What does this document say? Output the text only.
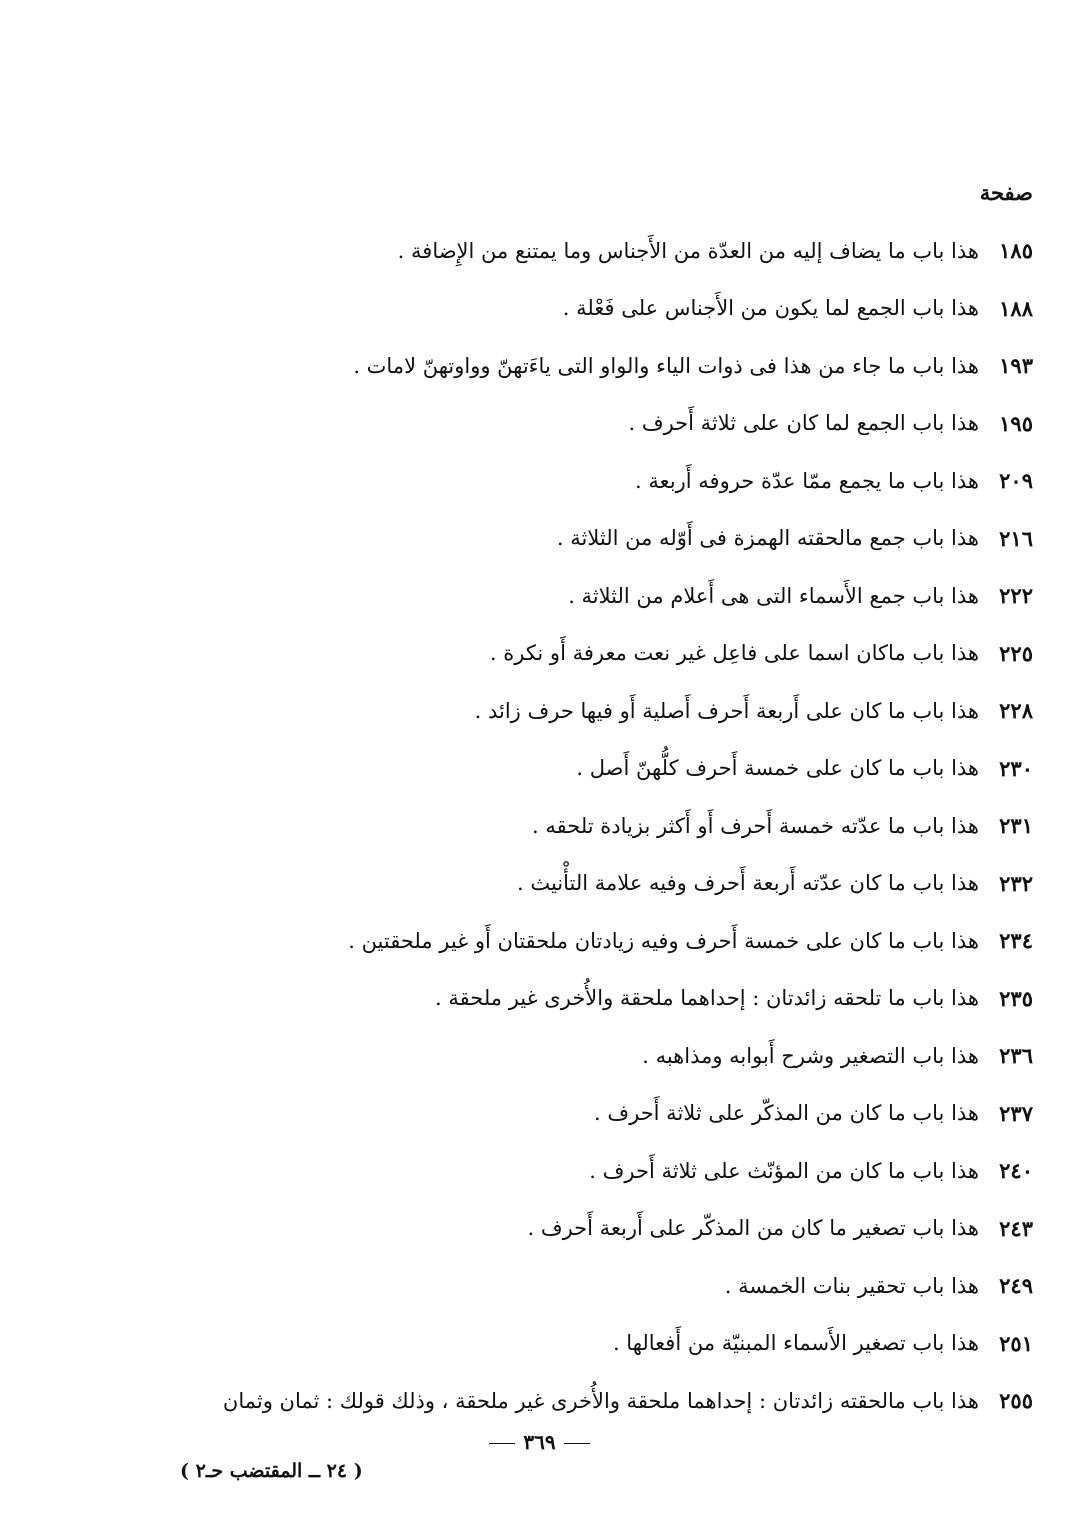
صفحة
١٨٥
هذا باب ما يضاف إليه من العدّة من الأَجناس وما يمتنع من الإِضافة .
١٨٨
هذا باب الجمع لما يكون من الأَجناس على فَعْلة .
١٩٣
هذا باب ما جاء من هذا فى ذوات الياء والواو التى ياءَتهنّ وواوتهنّ لامات .
١٩٥
هذا باب الجمع لما كان على ثلاثة أَحرف .
٢٠٩
هذا باب ما يجمع ممّا عدّة حروفه أَربعة .
٢١٦
هذا باب جمع مالحقته الهمزة فى أَوّله من الثلاثة .
٢٢٢
هذا باب جمع الأَسماء التى هى أَعلام من الثلاثة .
٢٢٥
هذا باب ماكان اسما على فاعِل غير نعت معرفة أَو نكرة .
٢٢٨
هذا باب ما كان على أَربعة أَحرف أَصلية أَو فيها حرف زائد .
٢٣٠
هذا باب ما كان على خمسة أَحرف كلُّهنّ أَصل .
٢٣١
هذا باب ما عدّته خمسة أَحرف أَو أَكثر بزيادة تلحقه .
٢٣٢
هذا باب ما كان عدّته أَربعة أَحرف وفيه علامة التأْنيث .
٢٣٤
هذا باب ما كان على خمسة أَحرف وفيه زيادتان ملحقتان أَو غير ملحقتين .
٢٣٥
هذا باب ما تلحقه زائدتان : إحداهما ملحقة والأُخرى غير ملحقة .
٢٣٦
هذا باب التصغير وشرح أَبوابه ومذاهبه .
٢٣٧
هذا باب ما كان من المذكّر على ثلاثة أَحرف .
٢٤٠
هذا باب ما كان من المؤنّث على ثلاثة أَحرف .
٢٤٣
هذا باب تصغير ما كان من المذكّر على أَربعة أَحرف .
٢٤٩
هذا باب تحقير بنات الخمسة .
٢٥١
هذا باب تصغير الأَسماء المبنيّة من أَفعالها .
٢٥٥
هذا باب مالحقته زائدتان : إحداهما ملحقة والأُخرى غير ملحقة ، وذلك قولك : ثمان وثمان
٣٦٩
( ٢٤ ــ المقتضب حـ٢ )
